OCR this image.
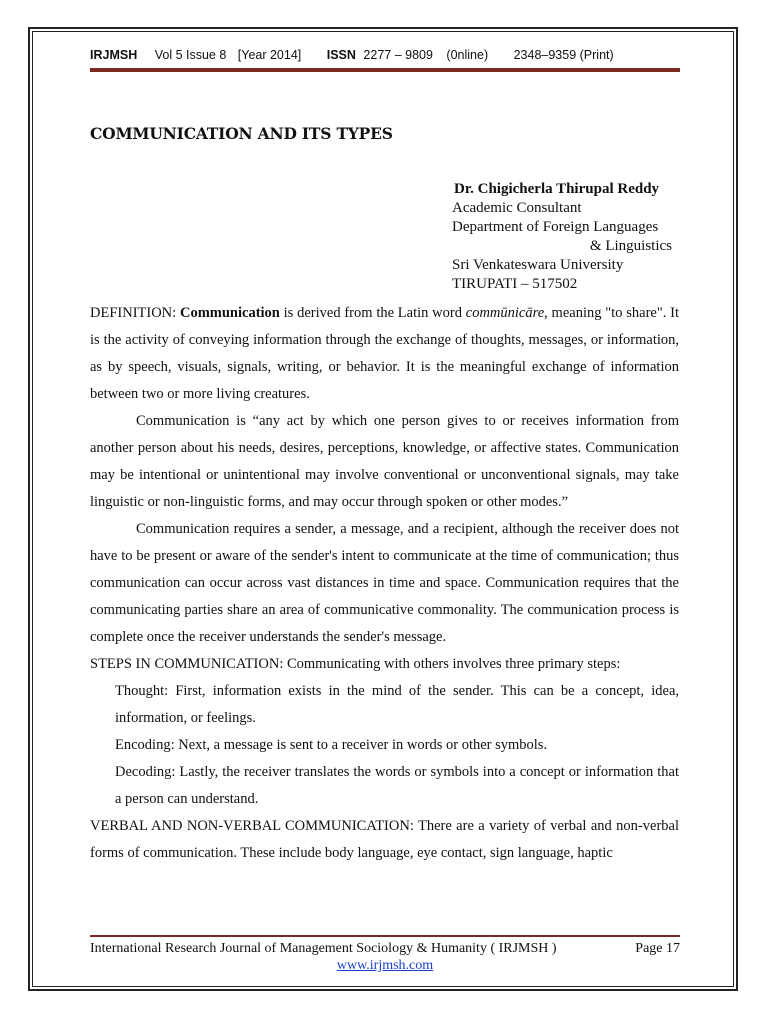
IRJMSH Vol 5 Issue 8 [Year 2014] ISSN 2277 – 9809 (0nline) 2348–9359 (Print)
COMMUNICATION AND ITS TYPES
Dr. Chigicherla Thirupal Reddy
Academic Consultant
Department of Foreign Languages
& Linguistics
Sri Venkateswara University
TIRUPATI – 517502

DEFINITION: Communication is derived from the Latin word commūnicāre, meaning "to share". It is the activity of conveying information through the exchange of thoughts, messages, or information, as by speech, visuals, signals, writing, or behavior. It is the meaningful exchange of information between two or more living creatures.

Communication is “any act by which one person gives to or receives information from another person about his needs, desires, perceptions, knowledge, or affective states. Communication may be intentional or unintentional may involve conventional or unconventional signals, may take linguistic or non-linguistic forms, and may occur through spoken or other modes.”

Communication requires a sender, a message, and a recipient, although the receiver does not have to be present or aware of the sender's intent to communicate at the time of communication; thus communication can occur across vast distances in time and space. Communication requires that the communicating parties share an area of communicative commonality. The communication process is complete once the receiver understands the sender's message.

STEPS IN COMMUNICATION: Communicating with others involves three primary steps:

Thought: First, information exists in the mind of the sender. This can be a concept, idea, information, or feelings.

Encoding: Next, a message is sent to a receiver in words or other symbols.

Decoding: Lastly, the receiver translates the words or symbols into a concept or information that a person can understand.

VERBAL AND NON-VERBAL COMMUNICATION: There are a variety of verbal and non-verbal forms of communication. These include body language, eye contact, sign language, haptic

International Research Journal of Management Sociology & Humanity ( IRJMSH )	Page 17
www.irjmsh.com
